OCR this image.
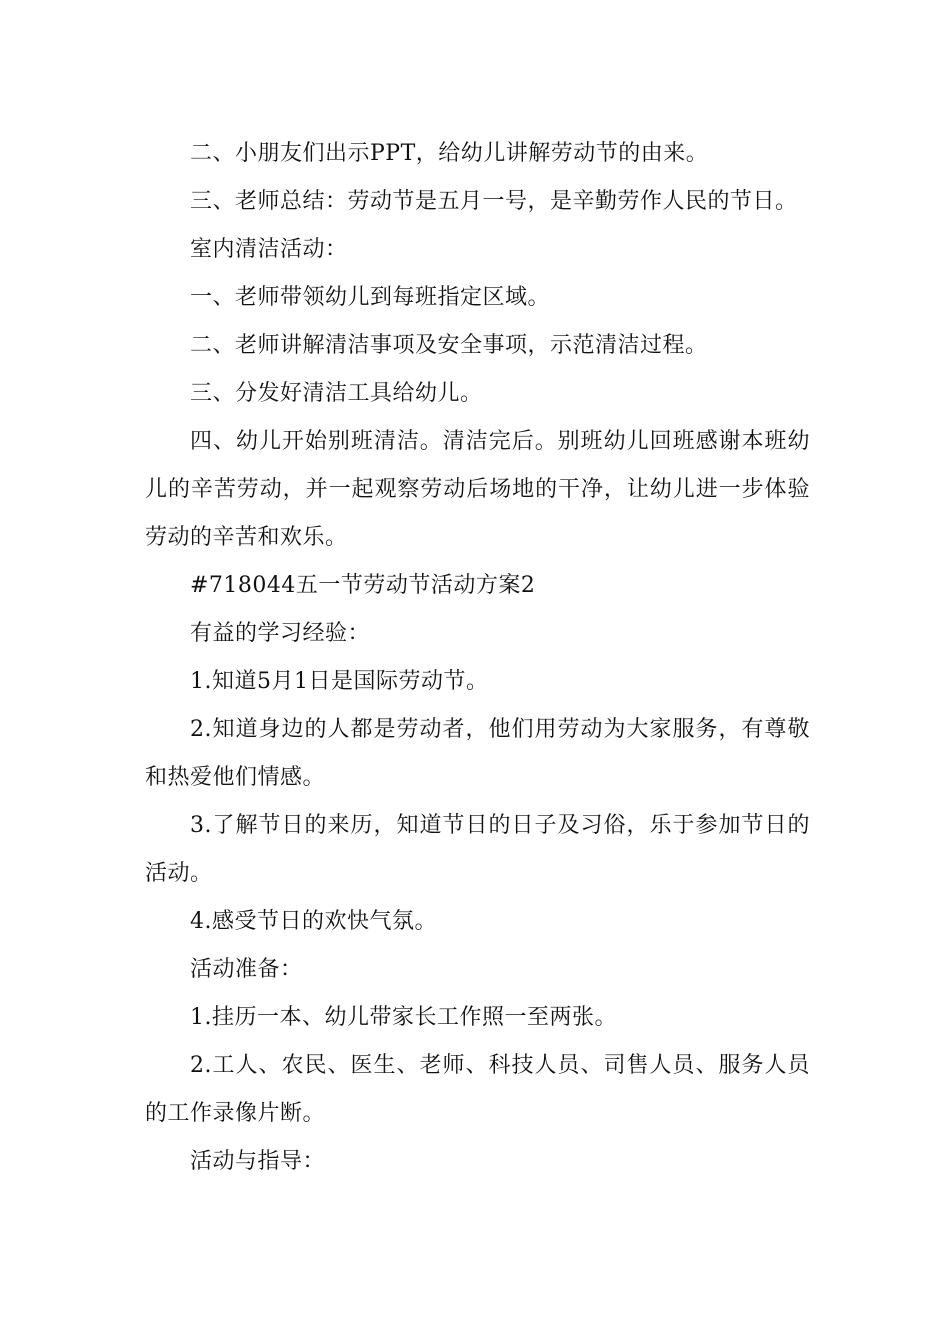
二、小朋友们出示PPT，给幼儿讲解劳动节的由来。

三、老师总结：劳动节是五月一号，是辛勤劳作人民的节日。

室内清洁活动：

一、老师带领幼儿到每班指定区域。

二、老师讲解清洁事项及安全事项，示范清洁过程。

三、分发好清洁工具给幼儿。

四、幼儿开始别班清洁。清洁完后。别班幼儿回班感谢本班幼儿的辛苦劳动，并一起观察劳动后场地的干净，让幼儿进一步体验劳动的辛苦和欢乐。

#718044五一节劳动节活动方案2

有益的学习经验：

1.知道5月1日是国际劳动节。

2.知道身边的人都是劳动者，他们用劳动为大家服务，有尊敬和热爱他们情感。

3.了解节日的来历，知道节日的日子及习俗，乐于参加节日的活动。

4.感受节日的欢快气氛。

活动准备：

1.挂历一本、幼儿带家长工作照一至两张。

2.工人、农民、医生、老师、科技人员、司售人员、服务人员的工作录像片断。

活动与指导：
